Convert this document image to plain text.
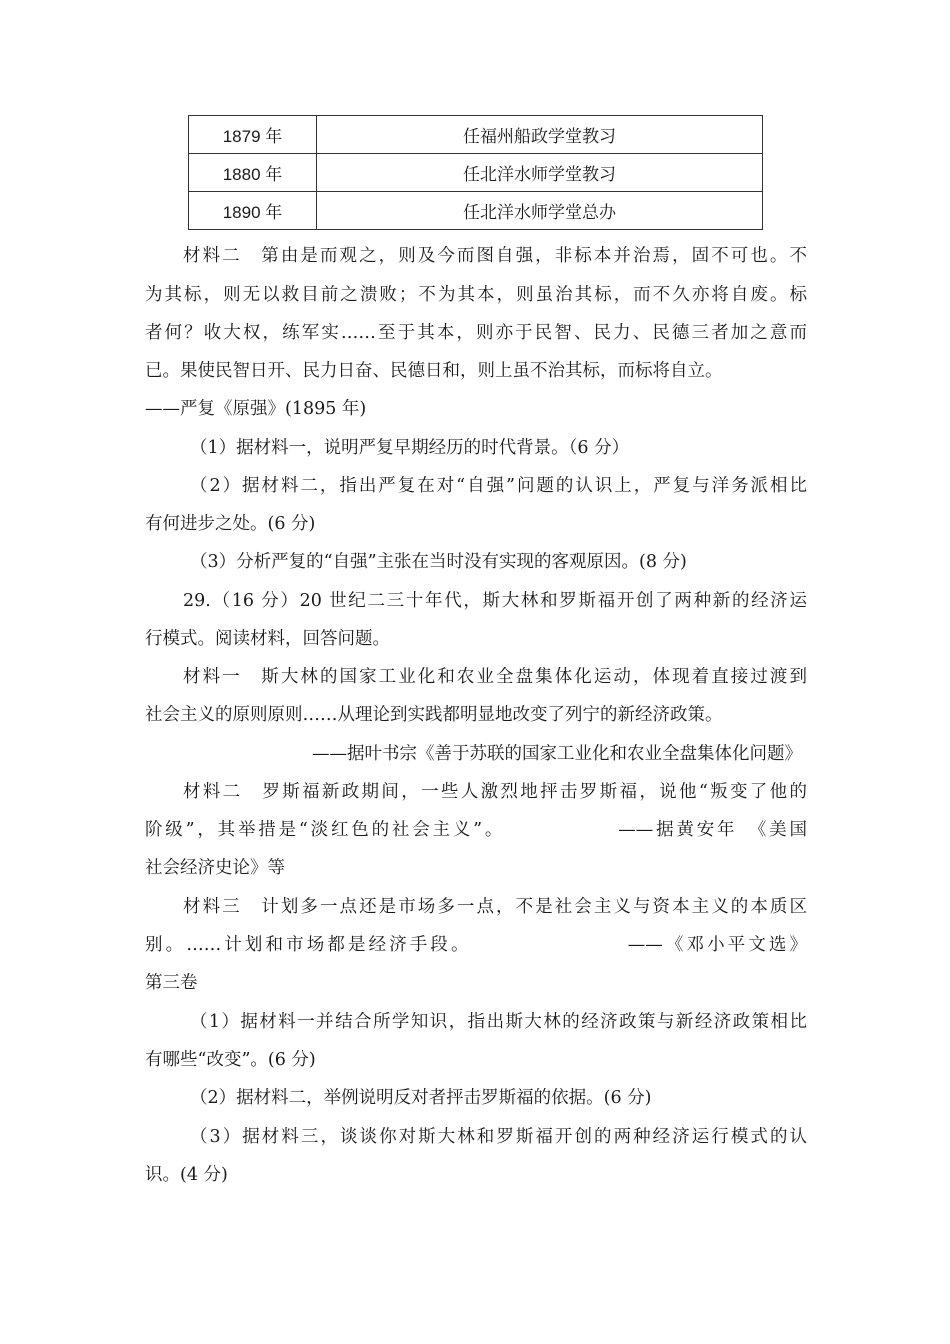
1879 年	任福州船政学堂教习
1880 年	任北洋水师学堂教习
1890 年	任北洋水师学堂总办
材料二　第由是而观之，则及今而图自强，非标本并治焉，固不可也。不
为其标，则无以救目前之溃败；不为其本，则虽治其标，而不久亦将自废。标
者何？收大权，练军实……至于其本，则亦于民智、民力、民德三者加之意而
已。果使民智日开、民力日奋、民德日和，则上虽不治其标，而标将自立。
——严复《原强》(1895 年)
（1）据材料一，说明严复早期经历的时代背景。（6 分）
（2）据材料二，指出严复在对“自强”问题的认识上，严复与洋务派相比
有何进步之处。(6 分)
（3）分析严复的“自强”主张在当时没有实现的客观原因。(8 分)
29.（16 分）20 世纪二三十年代，斯大林和罗斯福开创了两种新的经济运
行模式。阅读材料，回答问题。
材料一　斯大林的国家工业化和农业全盘集体化运动，体现着直接过渡到
社会主义的原则原则……从理论到实践都明显地改变了列宁的新经济政策。
——据叶书宗《善于苏联的国家工业化和农业全盘集体化问题》
材料二　罗斯福新政期间，一些人激烈地抨击罗斯福，说他“叛变了他的
阶级”，其举措是“淡红色的社会主义”。　　　　　　——据黄安年　《美国
社会经济史论》等
材料三　计划多一点还是市场多一点，不是社会主义与资本主义的本质区
别。……计划和市场都是经济手段。　　　　　　　　——《邓小平文选》
第三卷
（1）据材料一并结合所学知识，指出斯大林的经济政策与新经济政策相比
有哪些“改变”。(6 分)
（2）据材料二，举例说明反对者抨击罗斯福的依据。(6 分)
（3）据材料三，谈谈你对斯大林和罗斯福开创的两种经济运行模式的认
识。(4 分)
